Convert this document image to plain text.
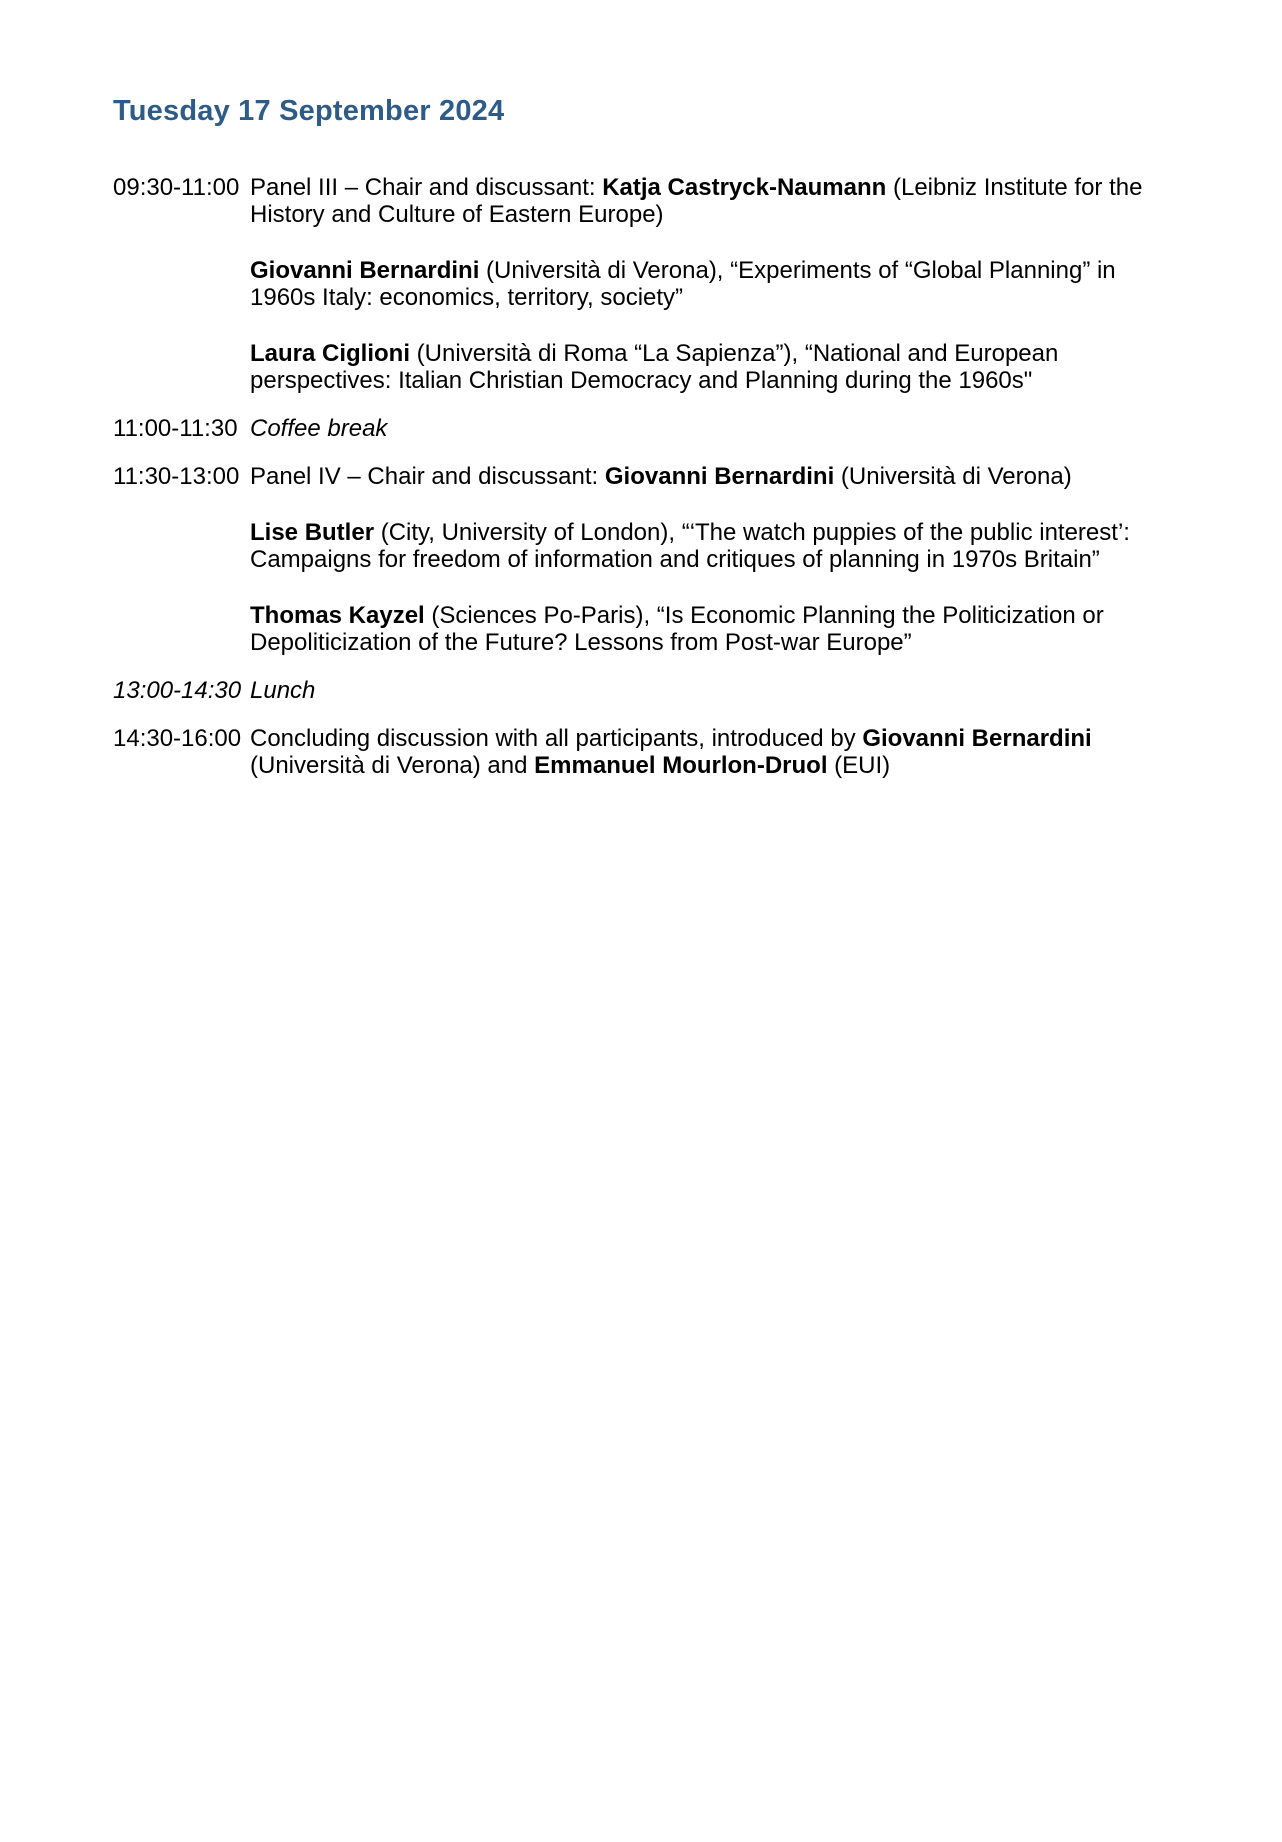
Tuesday 17 September 2024
09:30-11:00 Panel III – Chair and discussant: Katja Castryck-Naumann (Leibniz Institute for the History and Culture of Eastern Europe)

Giovanni Bernardini (Università di Verona), “Experiments of “Global Planning” in 1960s Italy: economics, territory, society”

Laura Ciglioni (Università di Roma “La Sapienza”), “National and European perspectives: Italian Christian Democracy and Planning during the 1960s"

11:00-11:30 Coffee break

11:30-13:00 Panel IV – Chair and discussant: Giovanni Bernardini (Università di Verona)

Lise Butler (City, University of London), “‘The watch puppies of the public interest’: Campaigns for freedom of information and critiques of planning in 1970s Britain”

Thomas Kayzel (Sciences Po-Paris), “Is Economic Planning the Politicization or Depoliticization of the Future? Lessons from Post-war Europe”

13:00-14:30 Lunch

14:30-16:00 Concluding discussion with all participants, introduced by Giovanni Bernardini (Università di Verona) and Emmanuel Mourlon-Druol (EUI)
